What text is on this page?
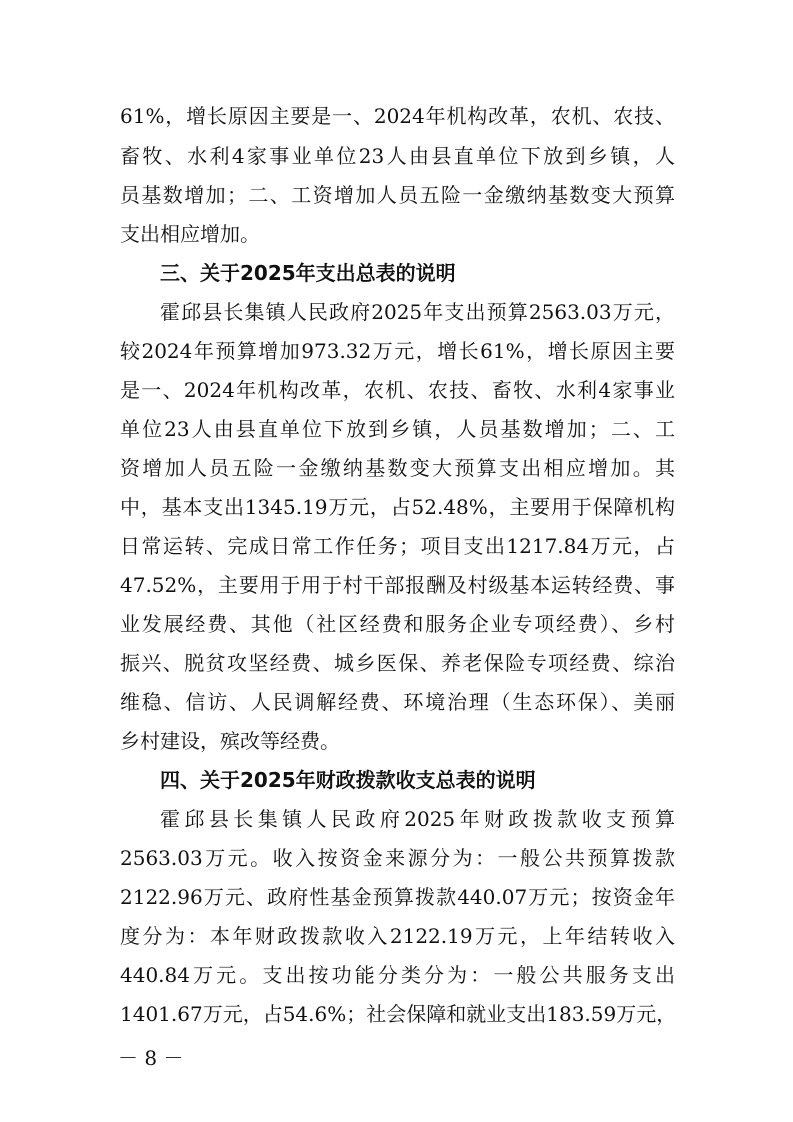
61%，增长原因主要是一、2024年机构改革，农机、农技、
畜牧、水利4家事业单位23人由县直单位下放到乡镇，人
员基数增加；二、工资增加人员五险一金缴纳基数变大预算
支出相应增加。
三、关于2025年支出总表的说明
霍邱县长集镇人民政府2025年支出预算2563.03万元，
较2024年预算增加973.32万元，增长61%，增长原因主要
是一、2024年机构改革，农机、农技、畜牧、水利4家事业
单位23人由县直单位下放到乡镇，人员基数增加；二、工
资增加人员五险一金缴纳基数变大预算支出相应增加。其
中，基本支出1345.19万元，占52.48%，主要用于保障机构
日常运转、完成日常工作任务；项目支出1217.84万元，占
47.52%，主要用于用于村干部报酬及村级基本运转经费、事
业发展经费、其他（社区经费和服务企业专项经费）、乡村
振兴、脱贫攻坚经费、城乡医保、养老保险专项经费、综治
维稳、信访、人民调解经费、环境治理（生态环保）、美丽
乡村建设，殡改等经费。
四、关于2025年财政拨款收支总表的说明
霍邱县长集镇人民政府2025年财政拨款收支预算
2563.03万元。收入按资金来源分为：一般公共预算拨款
2122.96万元、政府性基金预算拨款440.07万元；按资金年
度分为：本年财政拨款收入2122.19万元，上年结转收入
440.84万元。支出按功能分类分为：一般公共服务支出
1401.67万元，占54.6%；社会保障和就业支出183.59万元，
－ 8 －
